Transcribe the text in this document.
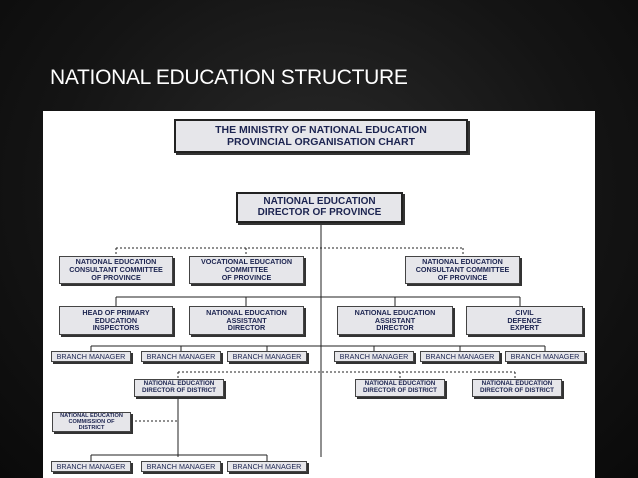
NATIONAL EDUCATION STRUCTURE
THE MINISTRY OF NATIONAL EDUCATION
PROVINCIAL ORGANISATION CHART
NATIONAL EDUCATION
DIRECTOR OF PROVINCE
NATIONAL EDUCATION
CONSULTANT COMMITTEE
OF PROVINCE
VOCATIONAL EDUCATION
COMMITTEE
OF PROVINCE
NATIONAL EDUCATION
CONSULTANT COMMITTEE
OF PROVINCE
HEAD OF PRIMARY
EDUCATION
INSPECTORS
NATIONAL EDUCATION
ASSISTANT
DIRECTOR
NATIONAL EDUCATION
ASSISTANT
DIRECTOR
CIVIL
DEFENCE
EXPERT
BRANCH MANAGER	BRANCH MANAGER	BRANCH MANAGER	BRANCH MANAGER	BRANCH MANAGER	BRANCH MANAGER
NATIONAL EDUCATION
DIRECTOR OF DISTRICT
NATIONAL EDUCATION
DIRECTOR OF DISTRICT
NATIONAL EDUCATION
DIRECTOR OF DISTRICT
NATIONAL EDUCATION
COMMISSION OF
DISTRICT
BRANCH MANAGER	BRANCH MANAGER	BRANCH MANAGER
